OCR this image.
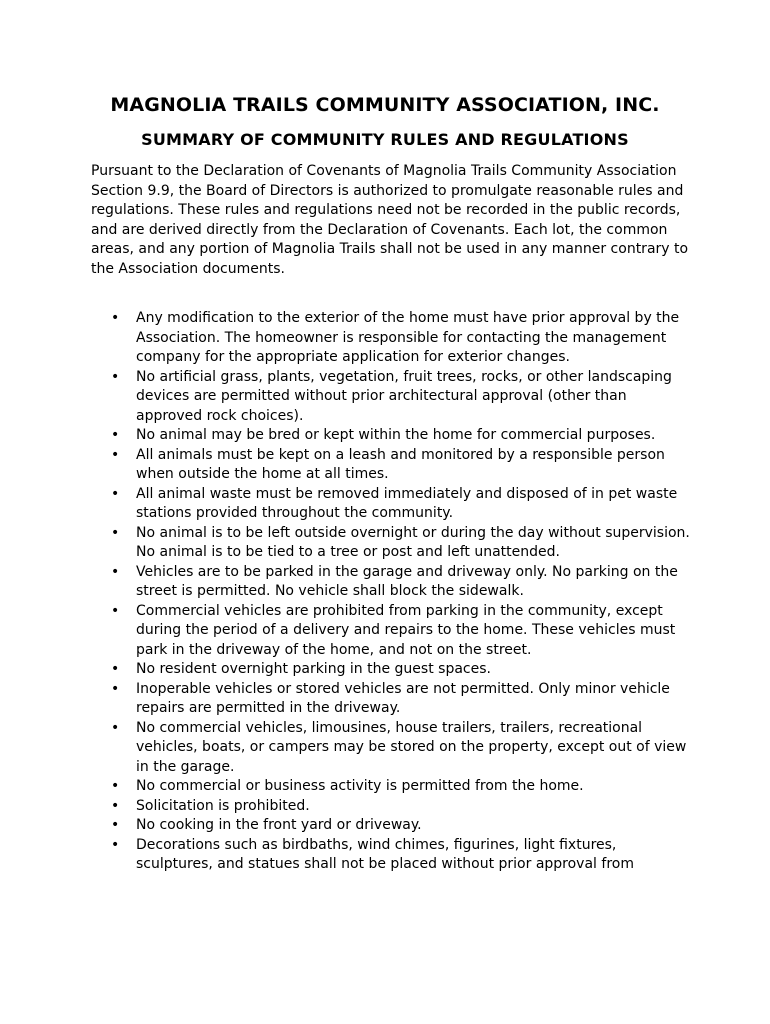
MAGNOLIA TRAILS COMMUNITY ASSOCIATION, INC.
SUMMARY OF COMMUNITY RULES AND REGULATIONS

Pursuant to the Declaration of Covenants of Magnolia Trails Community Association Section 9.9, the Board of Directors is authorized to promulgate reasonable rules and regulations. These rules and regulations need not be recorded in the public records, and are derived directly from the Declaration of Covenants. Each lot, the common areas, and any portion of Magnolia Trails shall not be used in any manner contrary to the Association documents.

• Any modification to the exterior of the home must have prior approval by the Association. The homeowner is responsible for contacting the management company for the appropriate application for exterior changes.
• No artificial grass, plants, vegetation, fruit trees, rocks, or other landscaping devices are permitted without prior architectural approval (other than approved rock choices).
• No animal may be bred or kept within the home for commercial purposes.
• All animals must be kept on a leash and monitored by a responsible person when outside the home at all times.
• All animal waste must be removed immediately and disposed of in pet waste stations provided throughout the community.
• No animal is to be left outside overnight or during the day without supervision. No animal is to be tied to a tree or post and left unattended.
• Vehicles are to be parked in the garage and driveway only. No parking on the street is permitted. No vehicle shall block the sidewalk.
• Commercial vehicles are prohibited from parking in the community, except during the period of a delivery and repairs to the home. These vehicles must park in the driveway of the home, and not on the street.
• No resident overnight parking in the guest spaces.
• Inoperable vehicles or stored vehicles are not permitted. Only minor vehicle repairs are permitted in the driveway.
• No commercial vehicles, limousines, house trailers, trailers, recreational vehicles, boats, or campers may be stored on the property, except out of view in the garage.
• No commercial or business activity is permitted from the home.
• Solicitation is prohibited.
• No cooking in the front yard or driveway.
• Decorations such as birdbaths, wind chimes, figurines, light fixtures, sculptures, and statues shall not be placed without prior approval from
